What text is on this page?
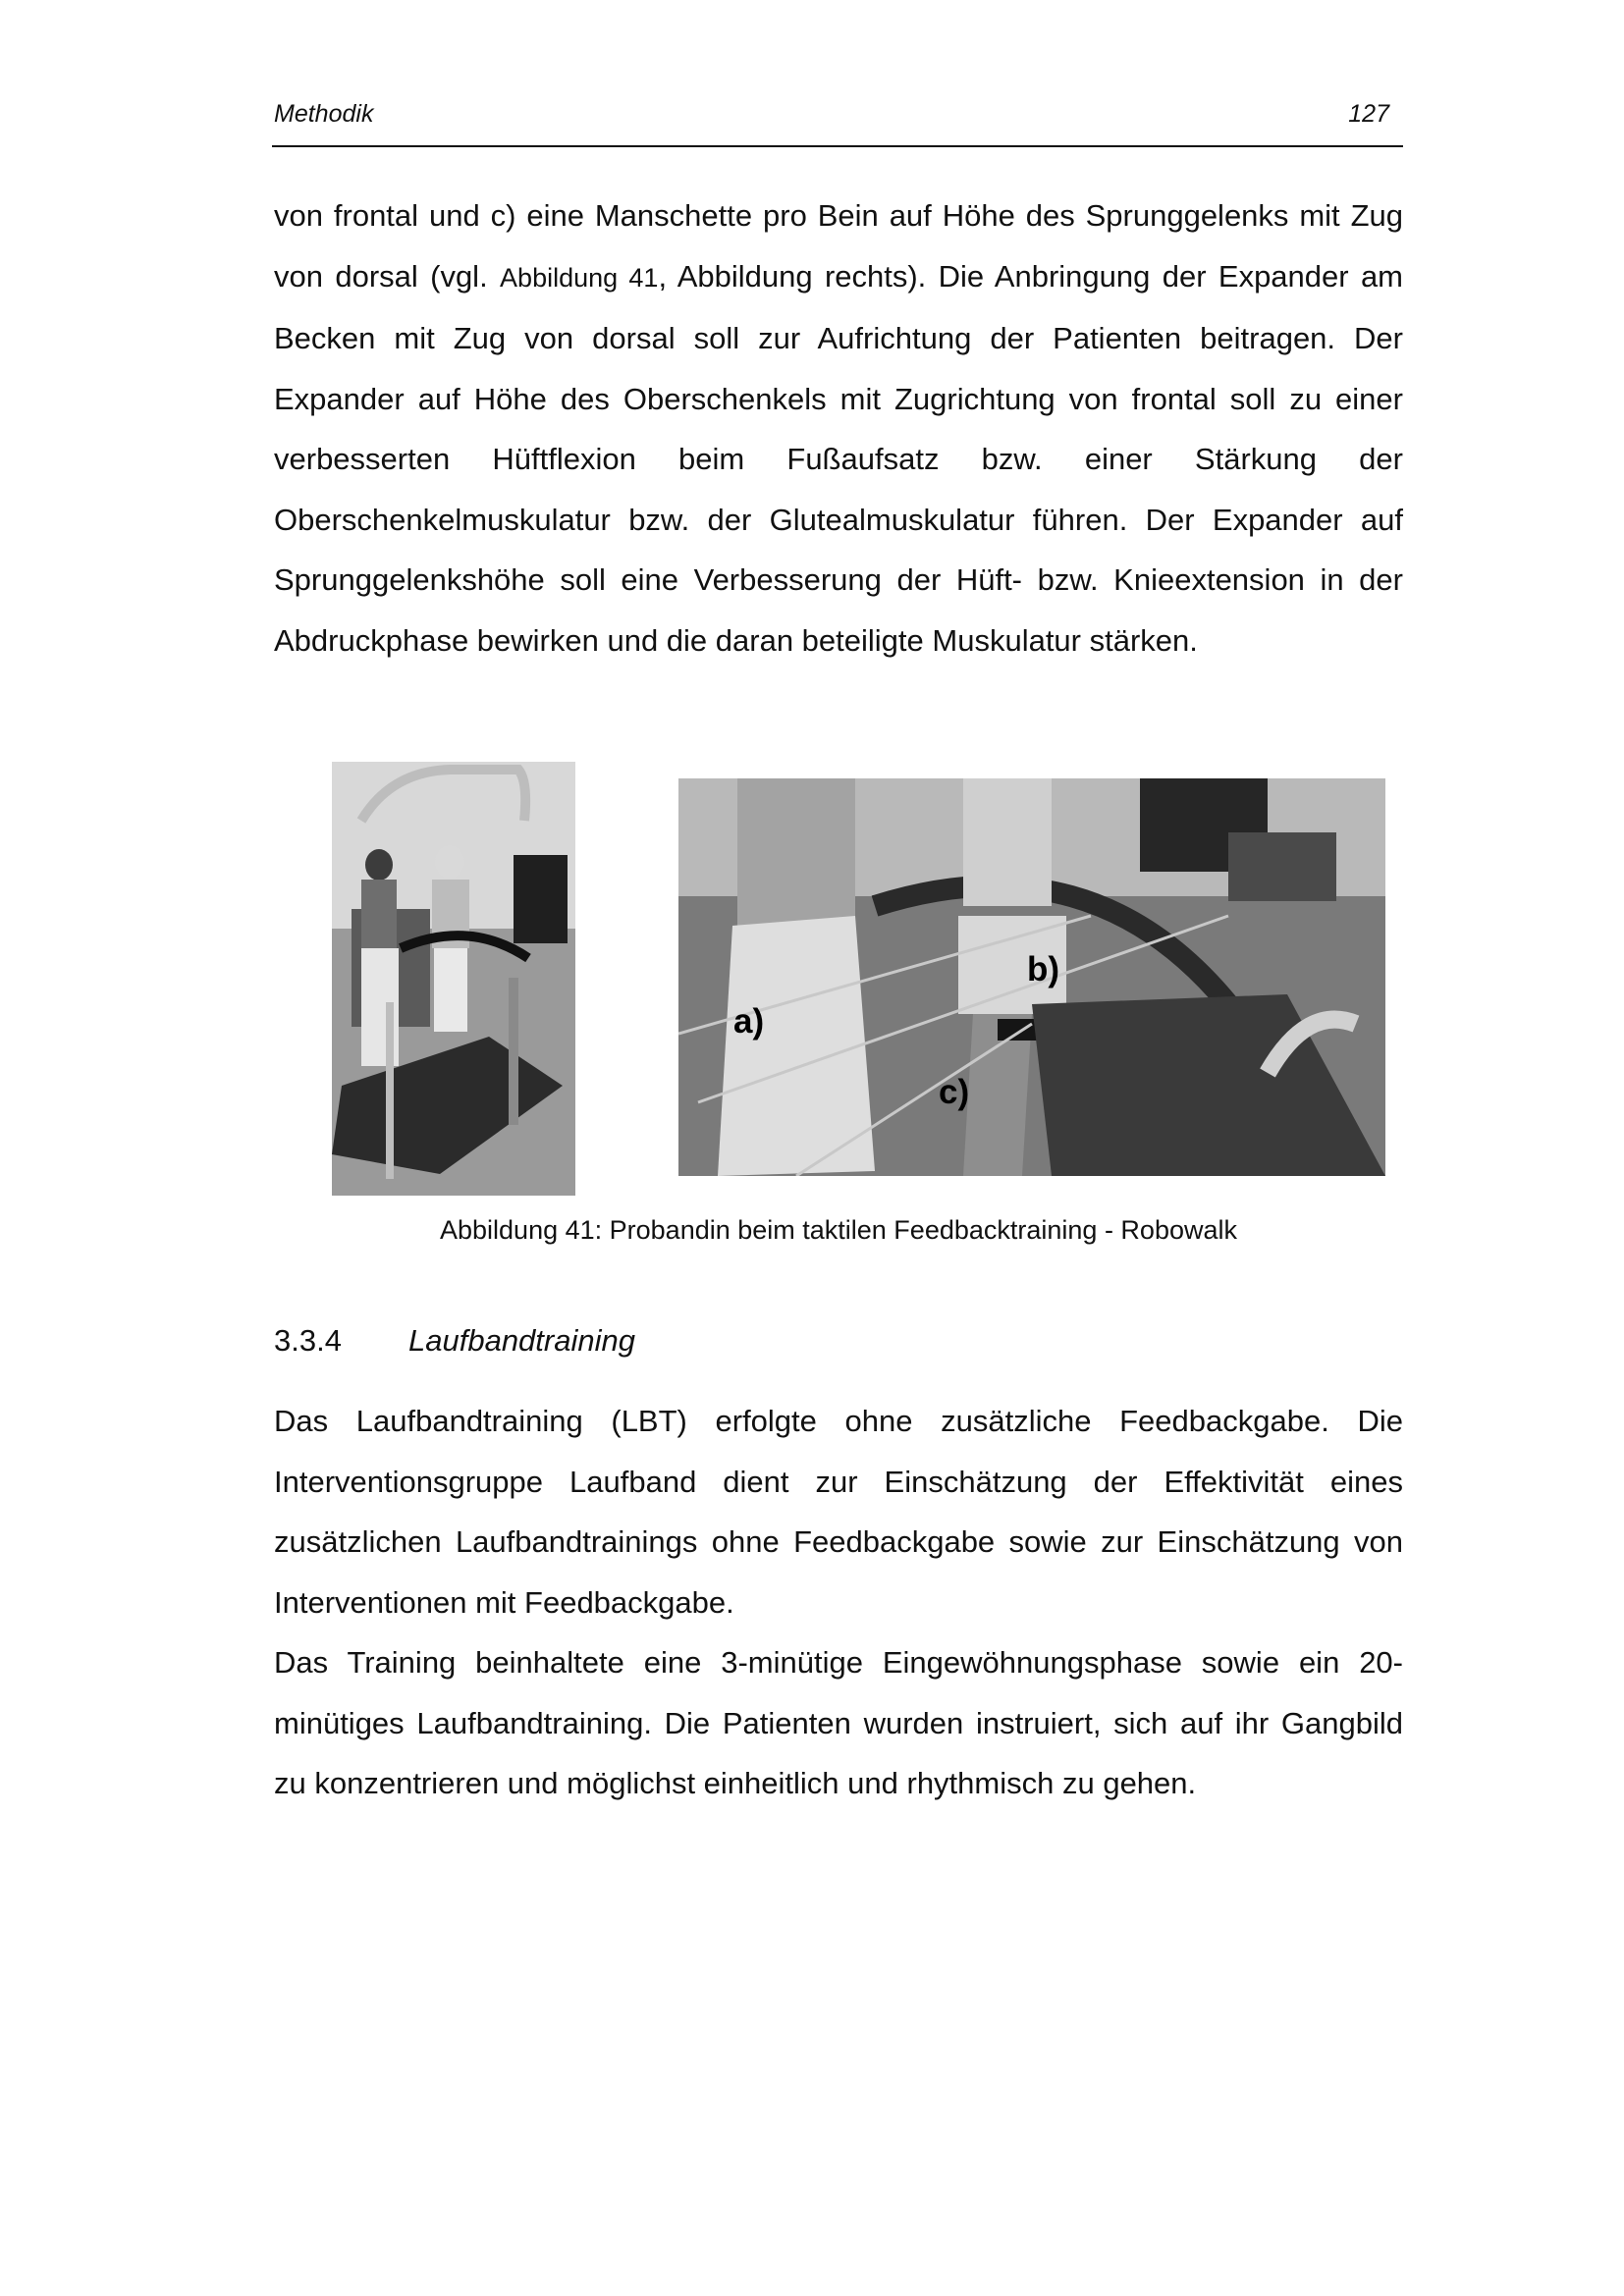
Methodik	127

von frontal und c) eine Manschette pro Bein auf Höhe des Sprunggelenks mit Zug von dorsal (vgl. Abbildung 41, Abbildung rechts). Die Anbringung der Expander am Becken mit Zug von dorsal soll zur Aufrichtung der Patienten beitragen. Der Expander auf Höhe des Oberschenkels mit Zugrichtung von frontal soll zu einer verbesserten Hüftflexion beim Fußaufsatz bzw. einer Stärkung der Oberschenkelmuskulatur bzw. der Glutealmuskulatur führen. Der Expander auf Sprunggelenkshöhe soll eine Verbesserung der Hüft- bzw. Knieextension in der Abdruckphase bewirken und die daran beteiligte Muskulatur stärken.

a)
b)
c)
Abbildung 41: Probandin beim taktilen Feedbacktraining - Robowalk
3.3.4 Laufbandtraining

Das Laufbandtraining (LBT) erfolgte ohne zusätzliche Feedbackgabe. Die Interventionsgruppe Laufband dient zur Einschätzung der Effektivität eines zusätzlichen Laufbandtrainings ohne Feedbackgabe sowie zur Einschätzung von Interventionen mit Feedbackgabe.

Das Training beinhaltete eine 3-minütige Eingewöhnungsphase sowie ein 20-minütiges Laufbandtraining. Die Patienten wurden instruiert, sich auf ihr Gangbild zu konzentrieren und möglichst einheitlich und rhythmisch zu gehen.
